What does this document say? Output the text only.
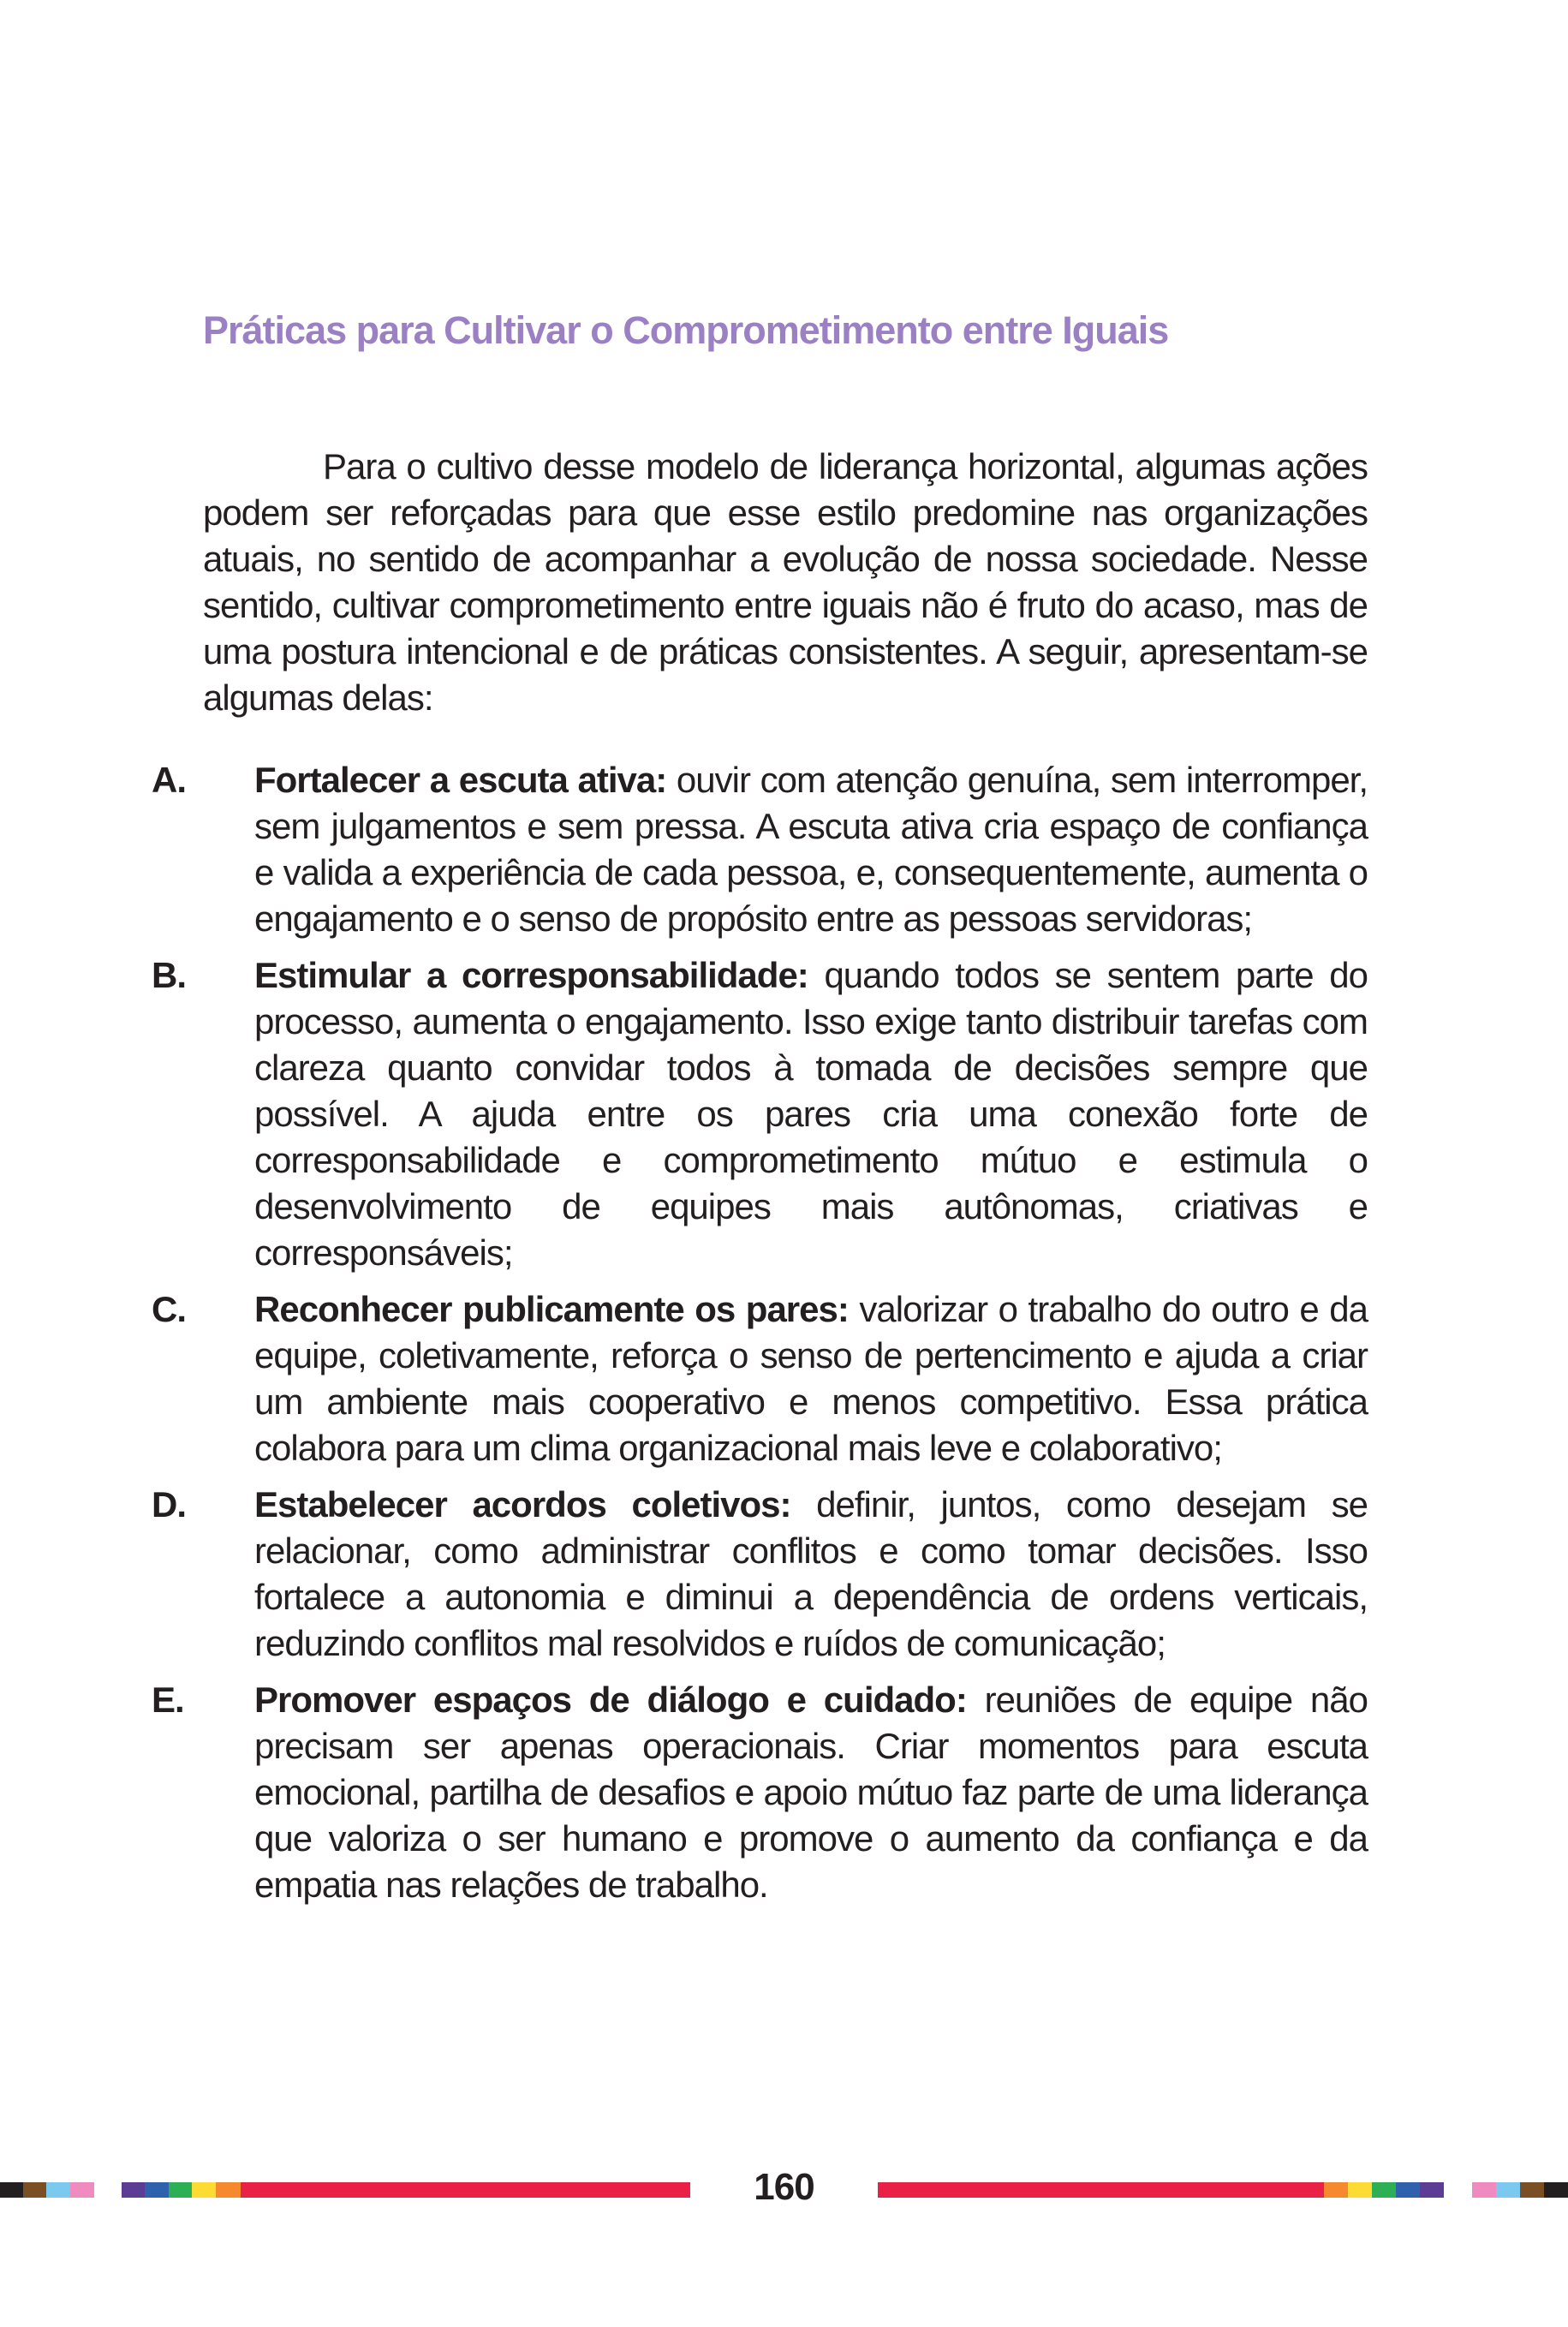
Práticas para Cultivar o Comprometimento entre Iguais

Para o cultivo desse modelo de liderança horizontal, algumas ações podem ser reforçadas para que esse estilo predomine nas organizações atuais, no sentido de acompanhar a evolução de nossa sociedade. Nesse sentido, cultivar comprometimento entre iguais não é fruto do acaso, mas de uma postura intencional e de práticas consistentes. A seguir, apresentam-se algumas delas:

A.	Fortalecer a escuta ativa: ouvir com atenção genuína, sem interromper, sem julgamentos e sem pressa. A escuta ativa cria espaço de confiança e valida a experiência de cada pessoa, e, consequentemente, aumenta o engajamento e o senso de propósito entre as pessoas servidoras;
B.	Estimular a corresponsabilidade: quando todos se sentem parte do processo, aumenta o engajamento. Isso exige tanto distribuir tarefas com clareza quanto convidar todos à tomada de decisões sempre que possível. A ajuda entre os pares cria uma conexão forte de corresponsabilidade e comprometimento mútuo e estimula o desenvolvimento de equipes mais autônomas, criativas e corresponsáveis;
C.	Reconhecer publicamente os pares: valorizar o trabalho do outro e da equipe, coletivamente, reforça o senso de pertencimento e ajuda a criar um ambiente mais cooperativo e menos competitivo. Essa prática colabora para um clima organizacional mais leve e colaborativo;
D.	Estabelecer acordos coletivos: definir, juntos, como desejam se relacionar, como administrar conflitos e como tomar decisões. Isso fortalece a autonomia e diminui a dependência de ordens verticais, reduzindo conflitos mal resolvidos e ruídos de comunicação;
E.	Promover espaços de diálogo e cuidado: reuniões de equipe não precisam ser apenas operacionais. Criar momentos para escuta emocional, partilha de desafios e apoio mútuo faz parte de uma liderança que valoriza o ser humano e promove o aumento da confiança e da empatia nas relações de trabalho.
160
